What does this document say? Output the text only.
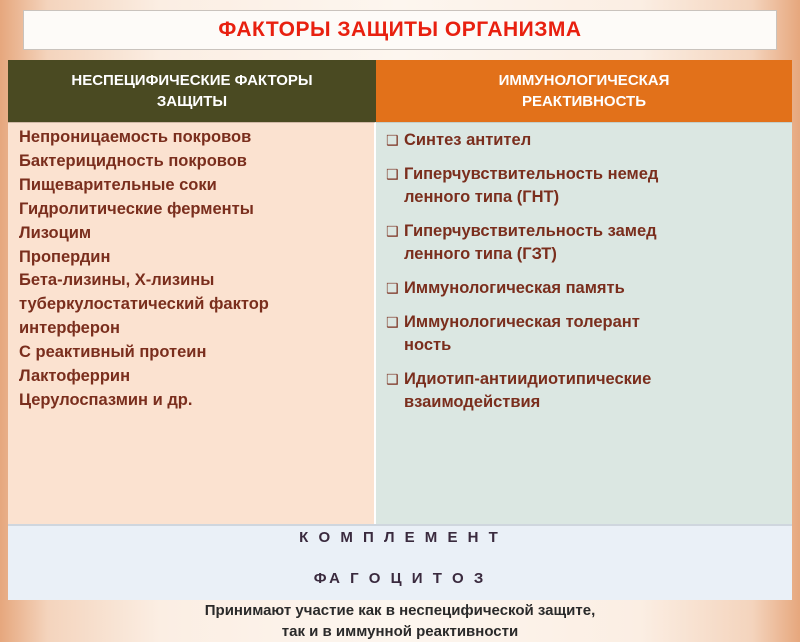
ФАКТОРЫ ЗАЩИТЫ ОРГАНИЗМА
НЕСПЕЦИФИЧЕСКИЕ ФАКТОРЫ
ЗАЩИТЫ
ИММУНОЛОГИЧЕСКАЯ
РЕАКТИВНОСТЬ
Непроницаемость покровов
Бактерицидность покровов
Пищеварительные соки
Гидролитические ферменты
Лизоцим
Пропердин
Бета-лизины, Х-лизины
туберкулостатический фактор
интерферон
С реактивный протеин
Лактоферрин
Церулоспазмин и др.
❑ Синтез антител
❑ Гиперчувствительность немед
ленного типа (ГНТ)
❑ Гиперчувствительность замед
ленного типа (ГЗТ)
❑ Иммунологическая память
❑ Иммунологическая толерант
ность
❑ Идиотип-антиидиотипические
взаимодействия
К О М П Л Е М Е Н Т
ФА Г О Ц И Т О З
Принимают участие как в неспецифической защите,
так и в иммунной реактивности
